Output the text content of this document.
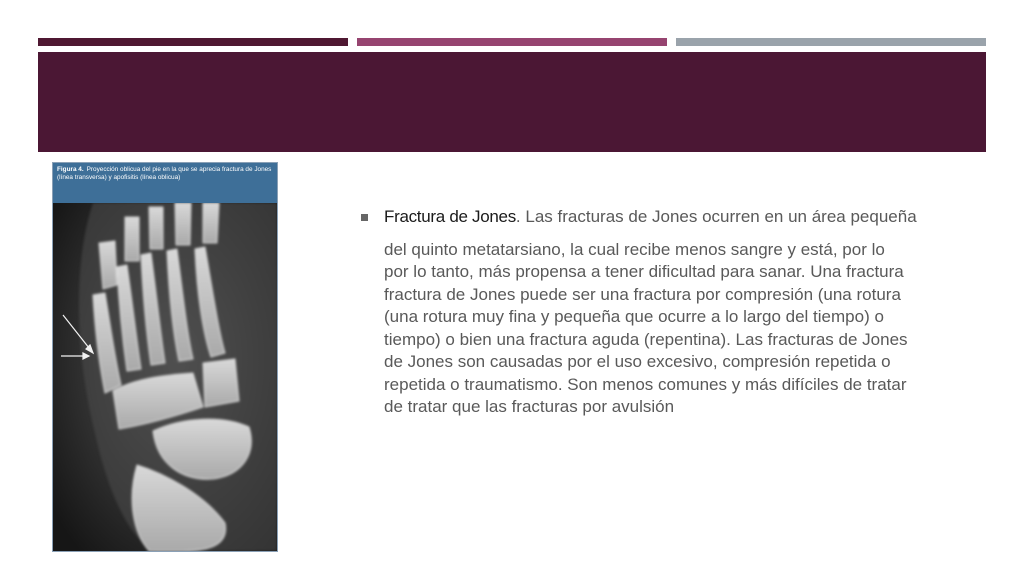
Figura 4. Proyección oblicua del pie en la que se aprecia fractura de Jones (línea transversa) y apofisitis (línea oblicua)
Fractura de Jones. Las fracturas de Jones ocurren en un área pequeña
del quinto metatarsiano, la cual recibe menos sangre y está, por lo
por lo tanto, más propensa a tener dificultad para sanar. Una fractura
fractura de Jones puede ser una fractura por compresión (una rotura
(una rotura muy fina y pequeña que ocurre a lo largo del tiempo) o
tiempo) o bien una fractura aguda (repentina). Las fracturas de Jones
de Jones son causadas por el uso excesivo, compresión repetida o
repetida o traumatismo. Son menos comunes y más difíciles de tratar
de tratar que las fracturas por avulsión
